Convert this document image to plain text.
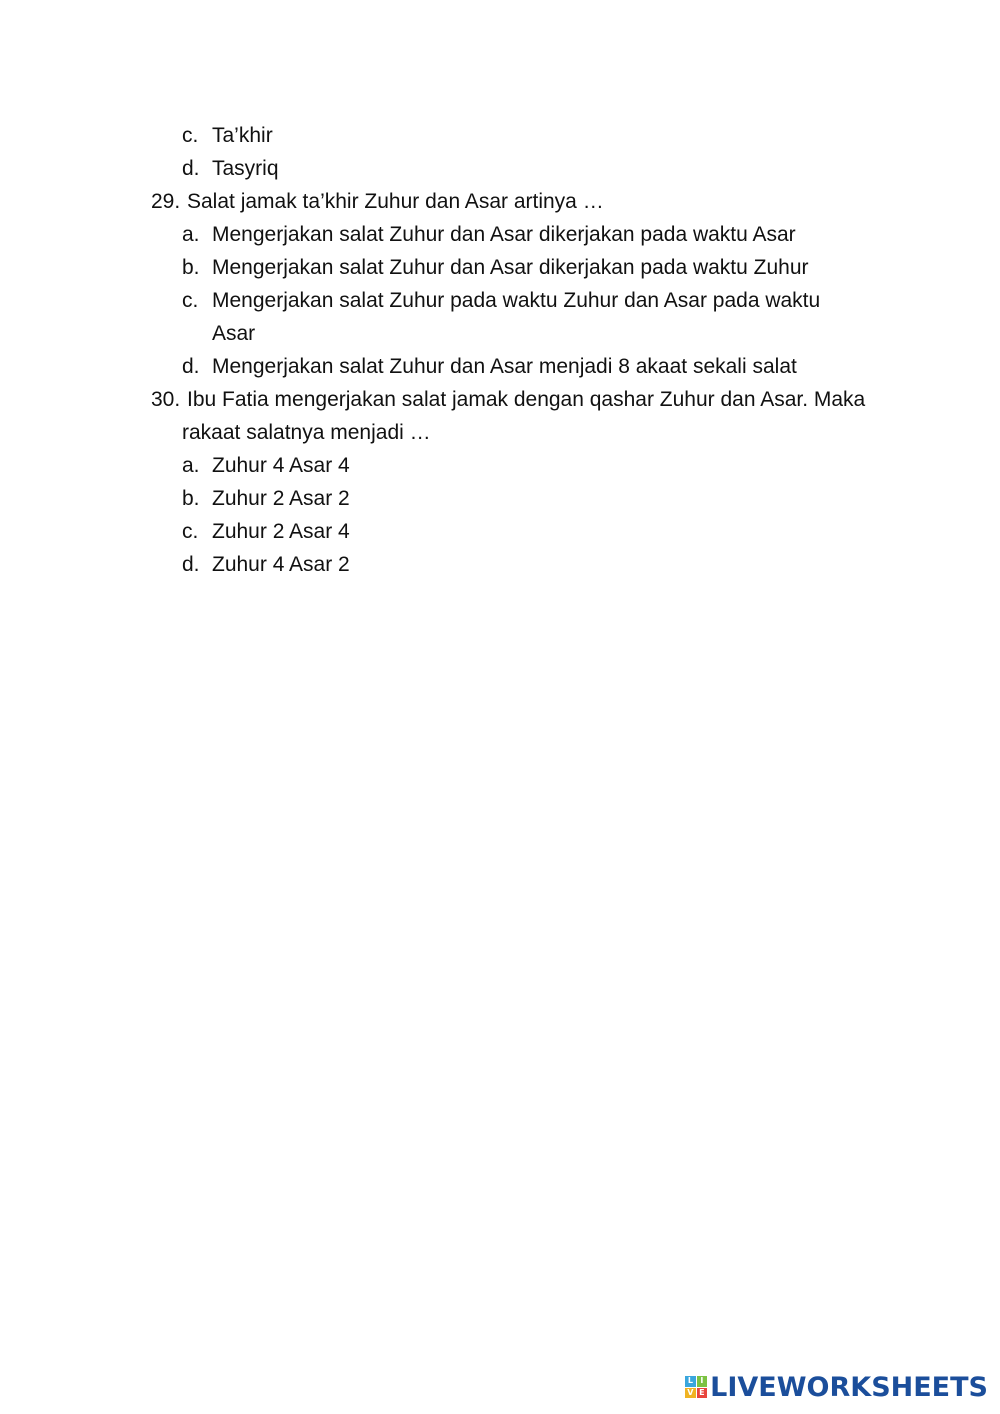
c. Ta’khir
d. Tasyriq
29. Salat jamak ta’khir Zuhur dan Asar artinya …
a. Mengerjakan salat Zuhur dan Asar dikerjakan pada waktu Asar
b. Mengerjakan salat Zuhur dan Asar dikerjakan pada waktu Zuhur
c. Mengerjakan salat Zuhur pada waktu Zuhur dan Asar pada waktu
Asar
d. Mengerjakan salat Zuhur dan Asar menjadi 8 akaat sekali salat
30. Ibu Fatia mengerjakan salat jamak dengan qashar Zuhur dan Asar. Maka
rakaat salatnya menjadi …
a. Zuhur 4 Asar 4
b. Zuhur 2 Asar 2
c. Zuhur 2 Asar 4
d. Zuhur 4 Asar 2
L I
V E LIVEWORKSHEETS
